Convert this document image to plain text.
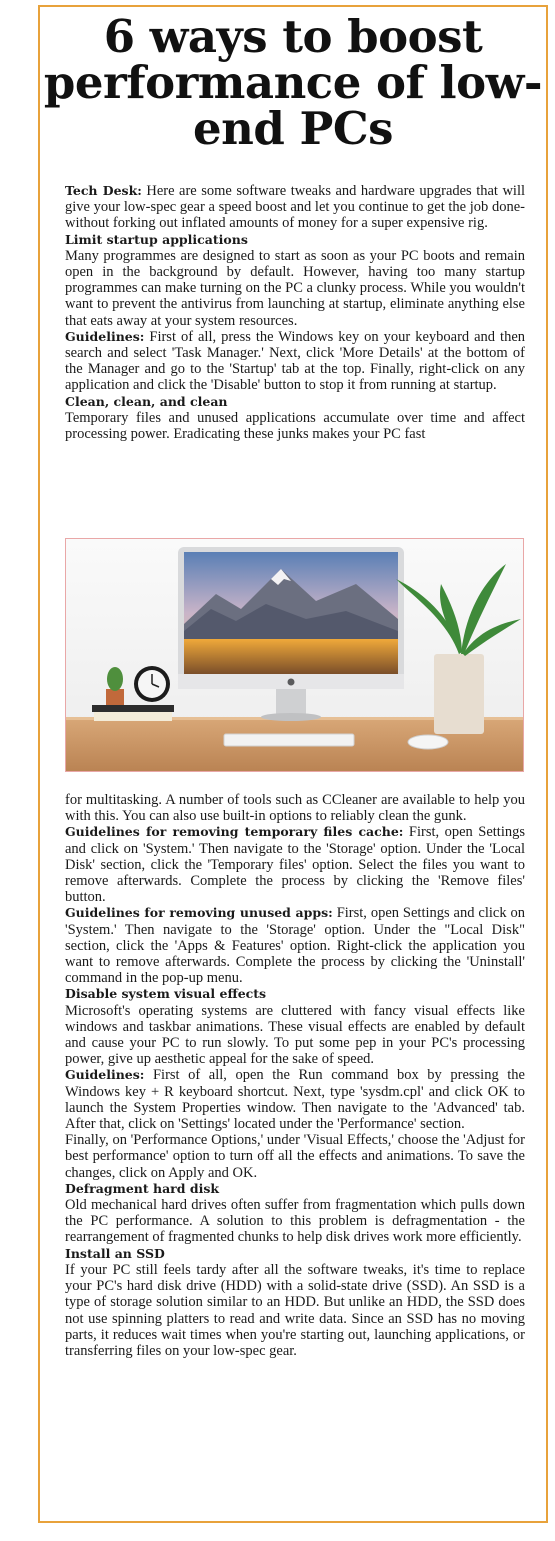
6 ways to boost performance of low-end PCs

Tech Desk: Here are some software tweaks and hardware upgrades that will give your low-spec gear a speed boost and let you continue to get the job done-without forking out inflated amounts of money for a super expensive rig.

Limit startup applications

Many programmes are designed to start as soon as your PC boots and remain open in the background by default. However, having too many startup programmes can make turning on the PC a clunky process. While you wouldn't want to prevent the antivirus from launching at startup, eliminate anything else that eats away at your system resources.

Guidelines: First of all, press the Windows key on your keyboard and then search and select 'Task Manager.' Next, click 'More Details' at the bottom of the Manager and go to the 'Startup' tab at the top. Finally, right-click on any application and click the 'Disable' button to stop it from running at startup.

Clean, clean, and clean

Temporary files and unused applications accumulate over time and affect processing power. Eradicating these junks makes your PC fast

for multitasking. A number of tools such as CCleaner are available to help you with this. You can also use built-in options to reliably clean the gunk.

Guidelines for removing temporary files cache: First, open Settings and click on 'System.' Then navigate to the 'Storage' option. Under the 'Local Disk' section, click the 'Temporary files' option. Select the files you want to remove afterwards. Complete the process by clicking the 'Remove files' button.

Guidelines for removing unused apps: First, open Settings and click on 'System.' Then navigate to the 'Storage' option. Under the "Local Disk" section, click the 'Apps & Features' option. Right-click the application you want to remove afterwards. Complete the process by clicking the 'Uninstall' command in the pop-up menu.

Disable system visual effects

Microsoft's operating systems are cluttered with fancy visual effects like windows and taskbar animations. These visual effects are enabled by default and cause your PC to run slowly. To put some pep in your PC's processing power, give up aesthetic appeal for the sake of speed.

Guidelines: First of all, open the Run command box by pressing the Windows key + R keyboard shortcut. Next, type 'sysdm.cpl' and click OK to launch the System Properties window. Then navigate to the 'Advanced' tab. After that, click on 'Settings' located under the 'Performance' section.

Finally, on 'Performance Options,' under 'Visual Effects,' choose the 'Adjust for best performance' option to turn off all the effects and animations. To save the changes, click on Apply and OK.

Defragment hard disk

Old mechanical hard drives often suffer from fragmentation which pulls down the PC performance. A solution to this problem is defragmentation - the rearrangement of fragmented chunks to help disk drives work more efficiently.

Install an SSD

If your PC still feels tardy after all the software tweaks, it's time to replace your PC's hard disk drive (HDD) with a solid-state drive (SSD). An SSD is a type of storage solution similar to an HDD. But unlike an HDD, the SSD does not use spinning platters to read and write data. Since an SSD has no moving parts, it reduces wait times when you're starting out, launching applications, or transferring files on your low-spec gear.
